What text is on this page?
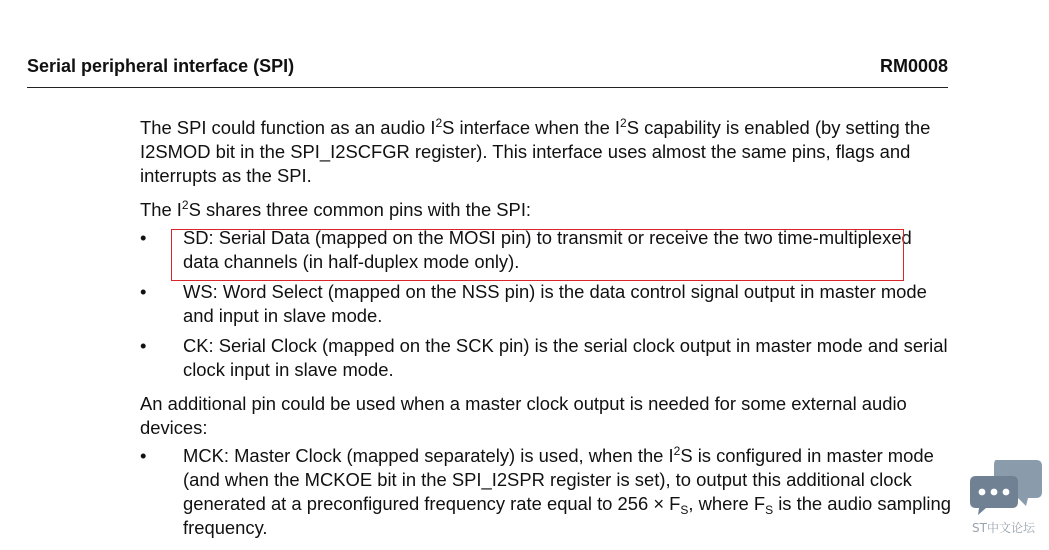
Serial peripheral interface (SPI)	RM0008

The SPI could function as an audio $I^2S$ interface when the $I^2S$ capability is enabled (by setting the I2SMOD bit in the SPI_I2SCFGR register). This interface uses almost the same pins, flags and interrupts as the SPI.

The $I^2S$ shares three common pins with the SPI:

•	SD: Serial Data (mapped on the MOSI pin) to transmit or receive the two time-multiplexed data channels (in half-duplex mode only).
•	WS: Word Select (mapped on the NSS pin) is the data control signal output in master mode and input in slave mode.
•	CK: Serial Clock (mapped on the SCK pin) is the serial clock output in master mode and serial clock input in slave mode.

An additional pin could be used when a master clock output is needed for some external audio devices:

•	MCK: Master Clock (mapped separately) is used, when the $I^2S$ is configured in master mode (and when the MCKOE bit in the SPI_I2SPR register is set), to output this additional clock generated at a preconfigured frequency rate equal to $256 \times F_S$, where $F_S$ is the audio sampling frequency.	ST中文论坛
